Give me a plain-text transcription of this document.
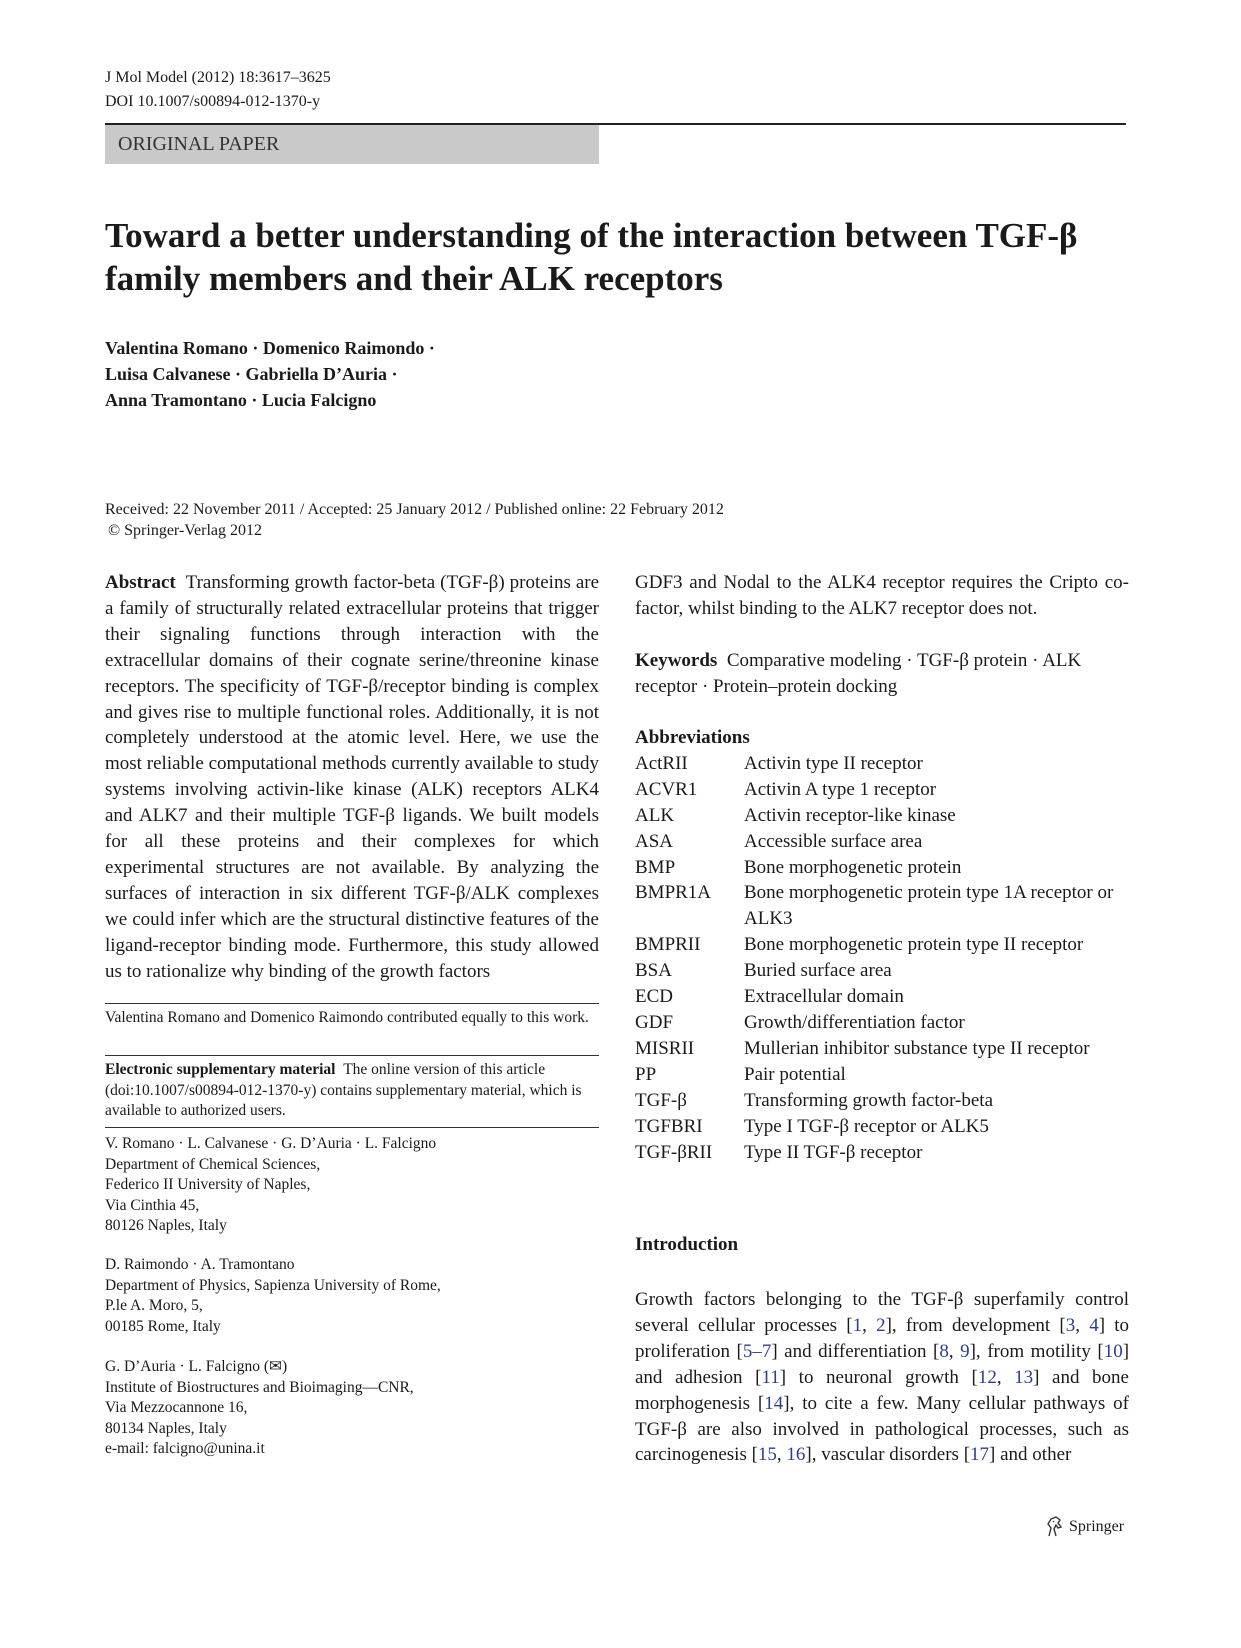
J Mol Model (2012) 18:3617–3625
DOI 10.1007/s00894-012-1370-y
ORIGINAL PAPER
Toward a better understanding of the interaction between TGF-β
family members and their ALK receptors
Valentina Romano · Domenico Raimondo ·
Luisa Calvanese · Gabriella D’Auria ·
Anna Tramontano · Lucia Falcigno
Received: 22 November 2011 / Accepted: 25 January 2012 / Published online: 22 February 2012
© Springer-Verlag 2012
Abstract Transforming growth factor-beta (TGF-β) proteins are a family of structurally related extracellular proteins that trigger their signaling functions through interaction with the extracellular domains of their cognate serine/threonine kinase receptors. The specificity of TGF-β/receptor binding is complex and gives rise to multiple functional roles. Additionally, it is not completely understood at the atomic level. Here, we use the most reliable computational methods currently available to study systems involving activin-like kinase (ALK) receptors ALK4 and ALK7 and their multiple TGF-β ligands. We built models for all these proteins and their complexes for which experimental structures are not available. By analyzing the surfaces of interaction in six different TGF-β/ALK complexes we could infer which are the structural distinctive features of the ligand-receptor binding mode. Furthermore, this study allowed us to rationalize why binding of the growth factors
Valentina Romano and Domenico Raimondo contributed equally to this work.
Electronic supplementary material The online version of this article (doi:10.1007/s00894-012-1370-y) contains supplementary material, which is available to authorized users.
V. Romano · L. Calvanese · G. D’Auria · L. Falcigno
Department of Chemical Sciences,
Federico II University of Naples,
Via Cinthia 45,
80126 Naples, Italy
D. Raimondo · A. Tramontano
Department of Physics, Sapienza University of Rome,
P.le A. Moro, 5,
00185 Rome, Italy
G. D’Auria · L. Falcigno (✉)
Institute of Biostructures and Bioimaging—CNR,
Via Mezzocannone 16,
80134 Naples, Italy
e-mail: falcigno@unina.it
GDF3 and Nodal to the ALK4 receptor requires the Cripto co-factor, whilst binding to the ALK7 receptor does not.
Keywords Comparative modeling · TGF-β protein · ALK receptor · Protein–protein docking
Abbreviations
ActRII	Activin type II receptor
ACVR1	Activin A type 1 receptor
ALK	Activin receptor-like kinase
ASA	Accessible surface area
BMP	Bone morphogenetic protein
BMPR1A	Bone morphogenetic protein type 1A receptor or ALK3
BMPRII	Bone morphogenetic protein type II receptor
BSA	Buried surface area
ECD	Extracellular domain
GDF	Growth/differentiation factor
MISRII	Mullerian inhibitor substance type II receptor
PP	Pair potential
TGF-β	Transforming growth factor-beta
TGFBRI	Type I TGF-β receptor or ALK5
TGF-βRII	Type II TGF-β receptor
Introduction
Growth factors belonging to the TGF-β superfamily control several cellular processes [1, 2], from development [3, 4] to proliferation [5–7] and differentiation [8, 9], from motility [10] and adhesion [11] to neuronal growth [12, 13] and bone morphogenesis [14], to cite a few. Many cellular pathways of TGF-β are also involved in pathological processes, such as carcinogenesis [15, 16], vascular disorders [17] and other
Springer
